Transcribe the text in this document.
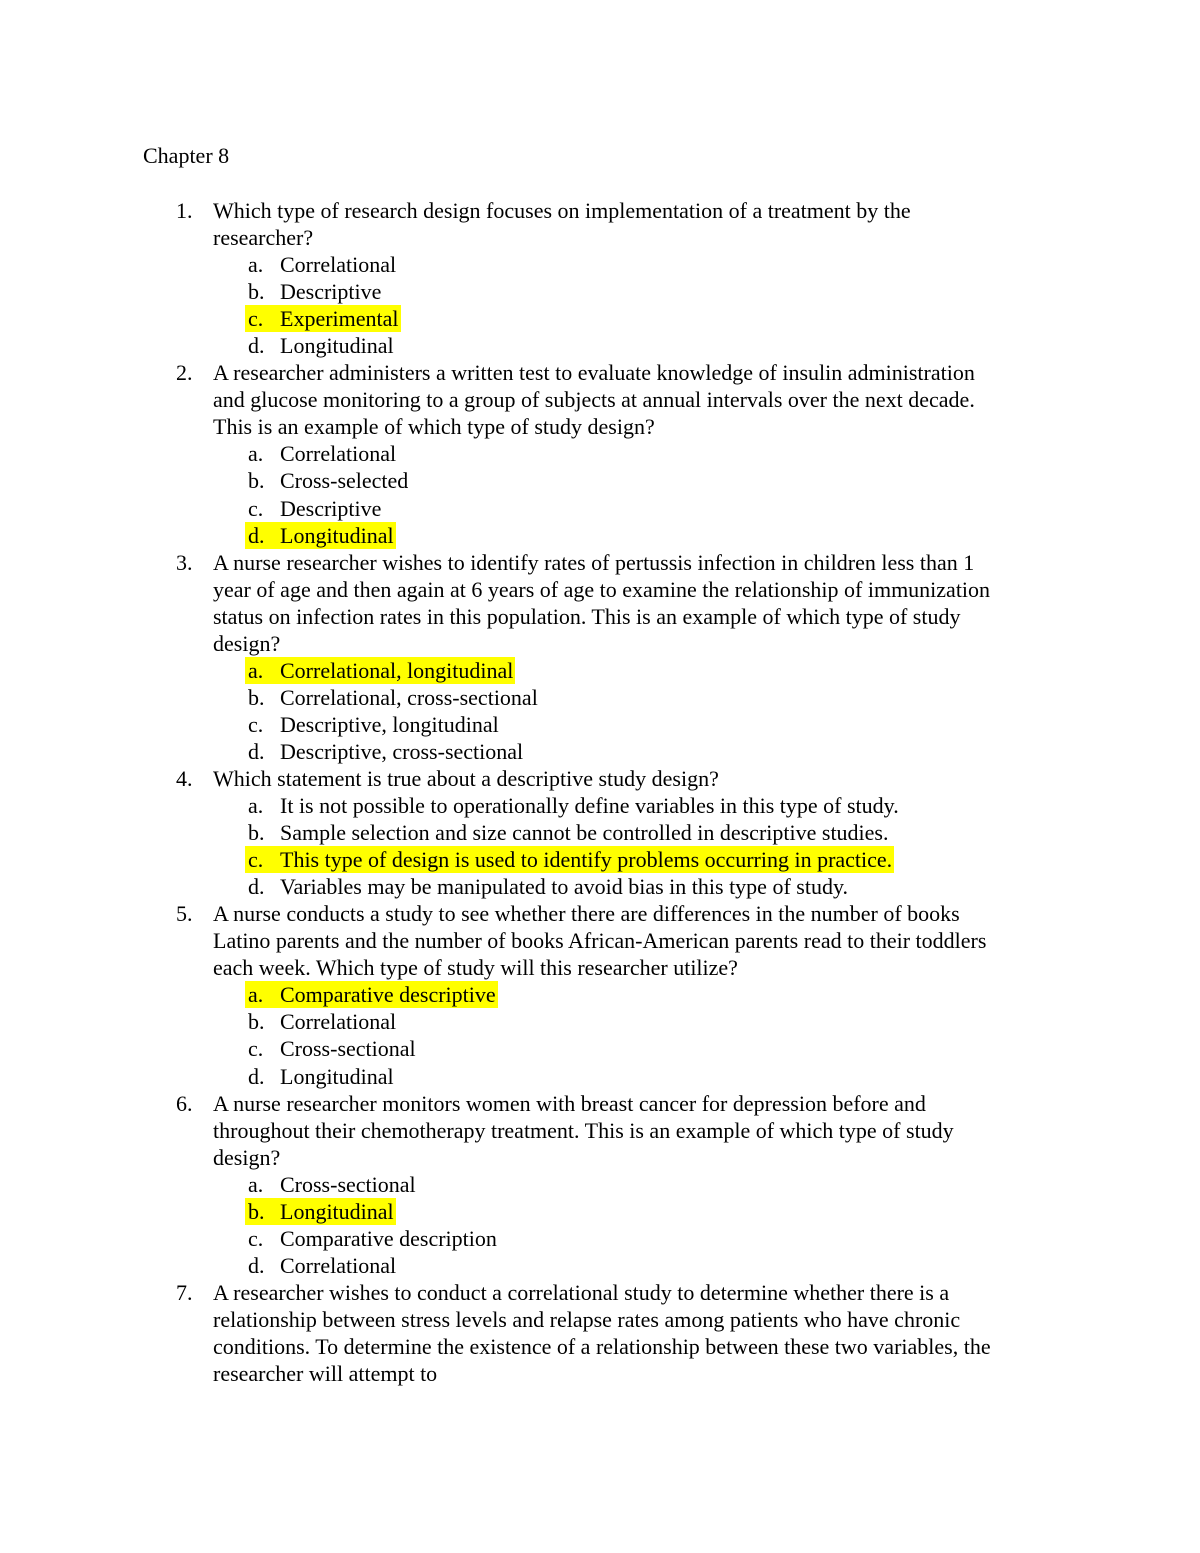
Chapter 8
1. Which type of research design focuses on implementation of a treatment by the
researcher?
a. Correlational
b. Descriptive
c. Experimental
d. Longitudinal
2. A researcher administers a written test to evaluate knowledge of insulin administration
and glucose monitoring to a group of subjects at annual intervals over the next decade.
This is an example of which type of study design?
a. Correlational
b. Cross-selected
c. Descriptive
d. Longitudinal
3. A nurse researcher wishes to identify rates of pertussis infection in children less than 1
year of age and then again at 6 years of age to examine the relationship of immunization
status on infection rates in this population. This is an example of which type of study
design?
a. Correlational, longitudinal
b. Correlational, cross-sectional
c. Descriptive, longitudinal
d. Descriptive, cross-sectional
4. Which statement is true about a descriptive study design?
a. It is not possible to operationally define variables in this type of study.
b. Sample selection and size cannot be controlled in descriptive studies.
c. This type of design is used to identify problems occurring in practice.
d. Variables may be manipulated to avoid bias in this type of study.
5. A nurse conducts a study to see whether there are differences in the number of books
Latino parents and the number of books African-American parents read to their toddlers
each week. Which type of study will this researcher utilize?
a. Comparative descriptive
b. Correlational
c. Cross-sectional
d. Longitudinal
6. A nurse researcher monitors women with breast cancer for depression before and
throughout their chemotherapy treatment. This is an example of which type of study
design?
a. Cross-sectional
b. Longitudinal
c. Comparative description
d. Correlational
7. A researcher wishes to conduct a correlational study to determine whether there is a
relationship between stress levels and relapse rates among patients who have chronic
conditions. To determine the existence of a relationship between these two variables, the
researcher will attempt to
